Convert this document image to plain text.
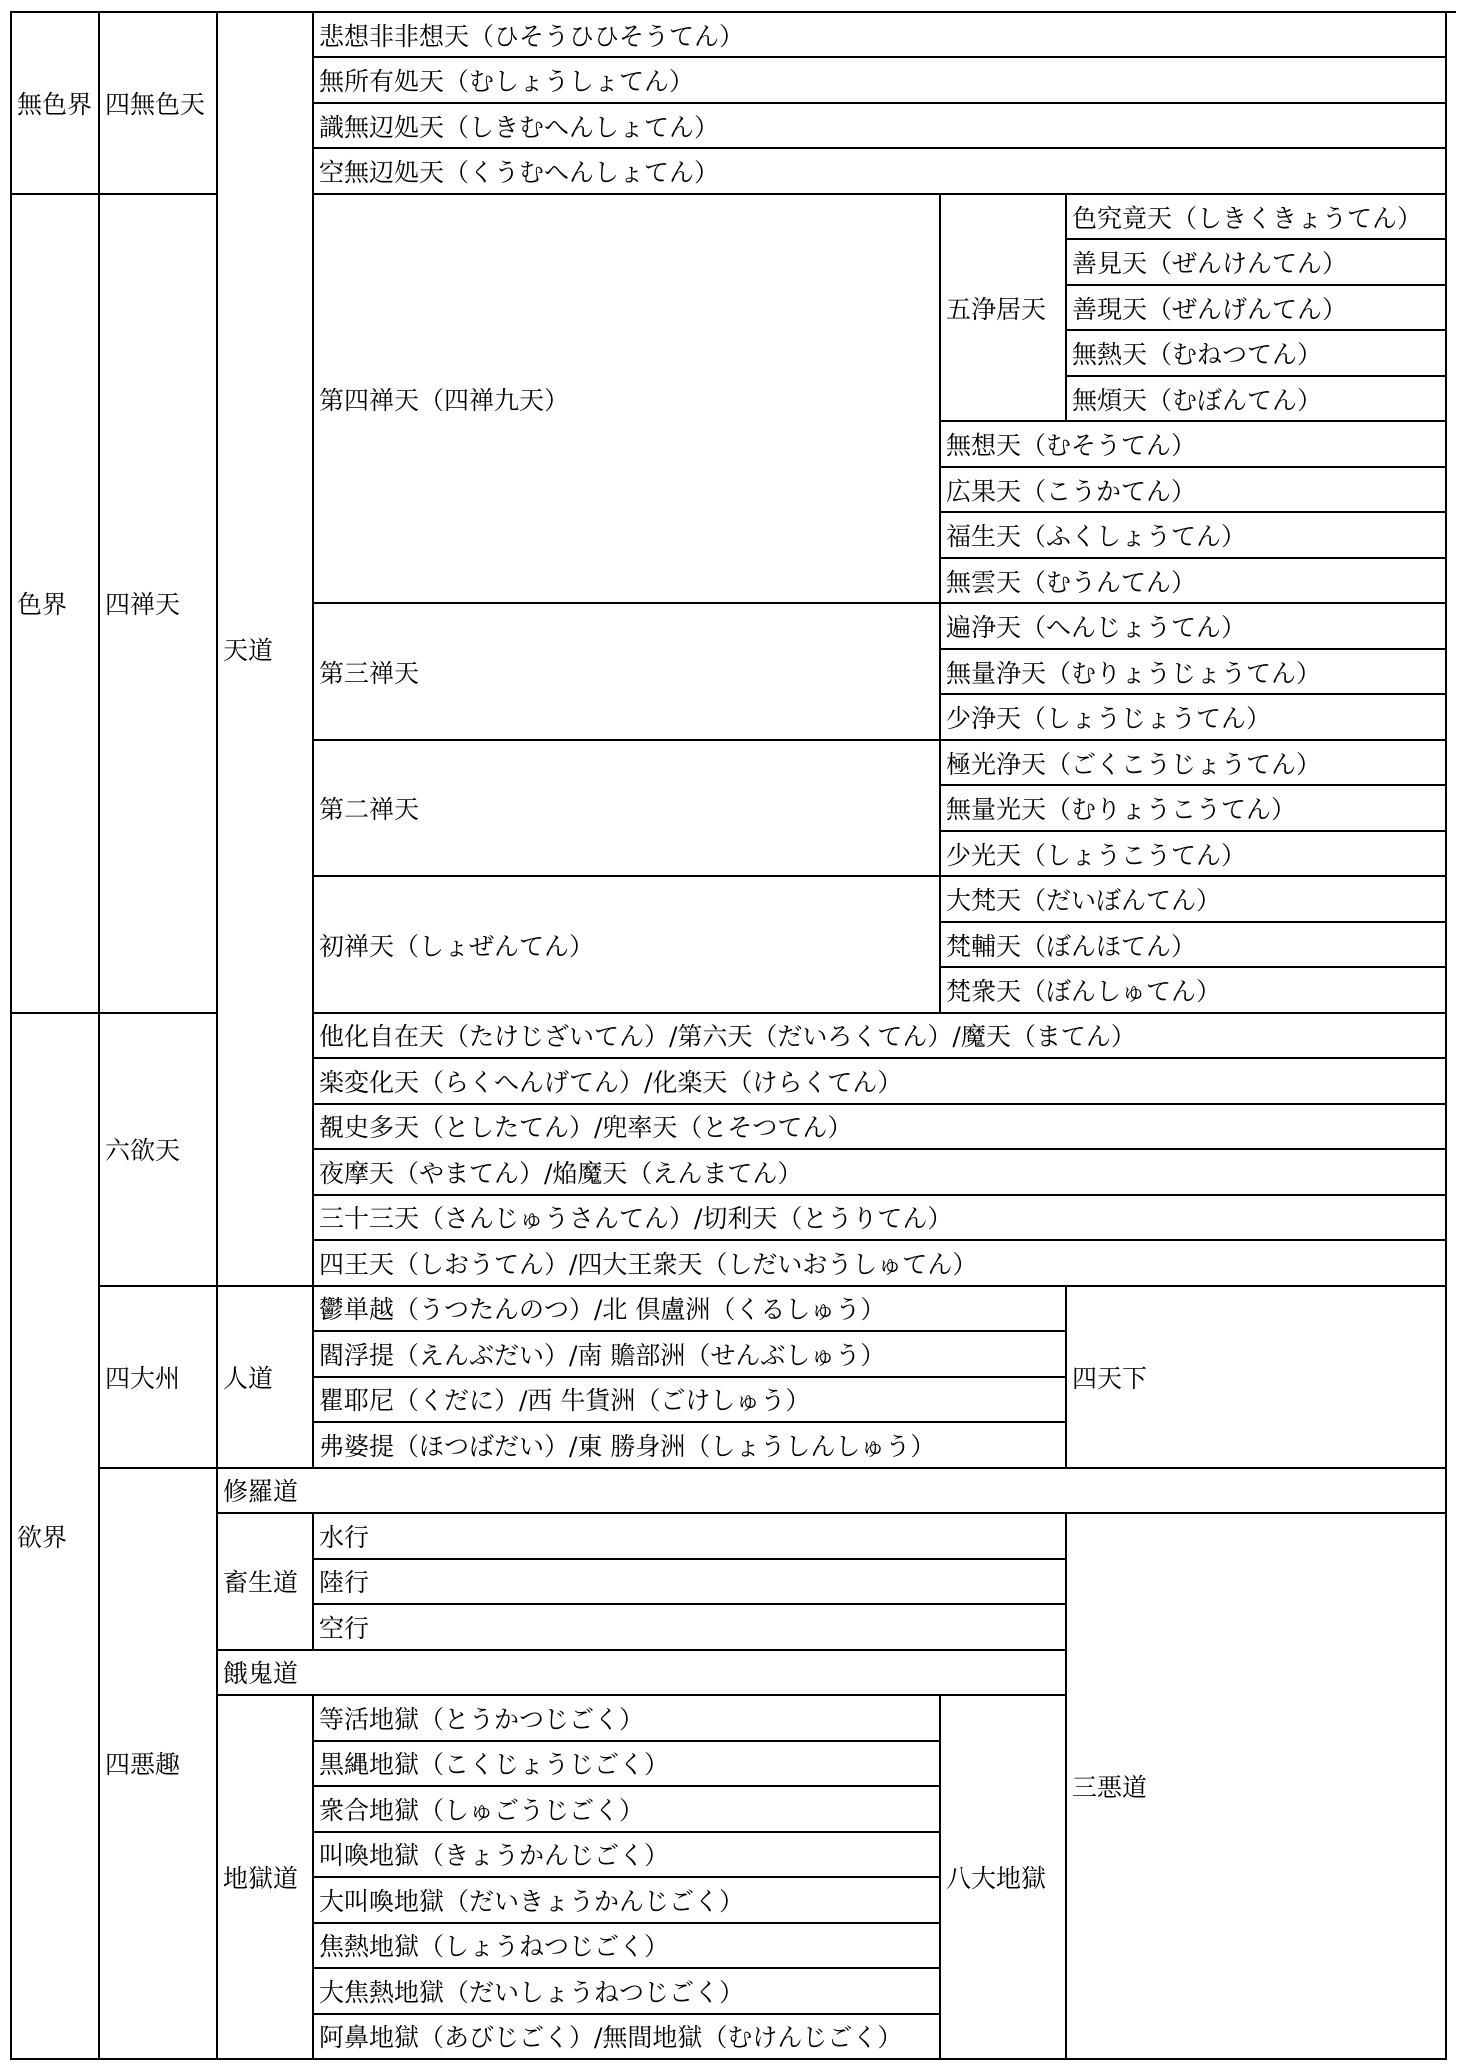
無色界
色界
欲界
四無色天
四禅天
六欲天
四大州
四悪趣
天道
人道
修羅道
畜生道
餓鬼道
地獄道
悲想非非想天（ひそうひひそうてん）
無所有処天（むしょうしょてん）
識無辺処天（しきむへんしょてん）
空無辺処天（くうむへんしょてん）
第四禅天（四禅九天）
五浄居天
色究竟天（しきくきょうてん）
善見天（ぜんけんてん）
善現天（ぜんげんてん）
無熱天（むねつてん）
無煩天（むぼんてん）
無想天（むそうてん）
広果天（こうかてん）
福生天（ふくしょうてん）
無雲天（むうんてん）
第三禅天
遍浄天（へんじょうてん）
無量浄天（むりょうじょうてん）
少浄天（しょうじょうてん）
第二禅天
極光浄天（ごくこうじょうてん）
無量光天（むりょうこうてん）
少光天（しょうこうてん）
初禅天（しょぜんてん）
大梵天（だいぼんてん）
梵輔天（ぼんほてん）
梵衆天（ぼんしゅてん）
他化自在天（たけじざいてん）/第六天（だいろくてん）/魔天（まてん）
楽変化天（らくへんげてん）/化楽天（けらくてん）
覩史多天（としたてん）/兜率天（とそつてん）
夜摩天（やまてん）/焔魔天（えんまてん）
三十三天（さんじゅうさんてん）/切利天（とうりてん）
四王天（しおうてん）/四大王衆天（しだいおうしゅてん）
鬱単越（うつたんのつ）/北 倶盧洲（くるしゅう）
閻浮提（えんぶだい）/南 贍部洲（せんぶしゅう）
瞿耶尼（くだに）/西 牛貨洲（ごけしゅう）
弗婆提（ほつばだい）/東 勝身洲（しょうしんしゅう）
四天下
水行
陸行
空行
等活地獄（とうかつじごく）
黒縄地獄（こくじょうじごく）
衆合地獄（しゅごうじごく）
叫喚地獄（きょうかんじごく）
大叫喚地獄（だいきょうかんじごく）
焦熱地獄（しょうねつじごく）
大焦熱地獄（だいしょうねつじごく）
阿鼻地獄（あびじごく）/無間地獄（むけんじごく）
八大地獄
三悪道
